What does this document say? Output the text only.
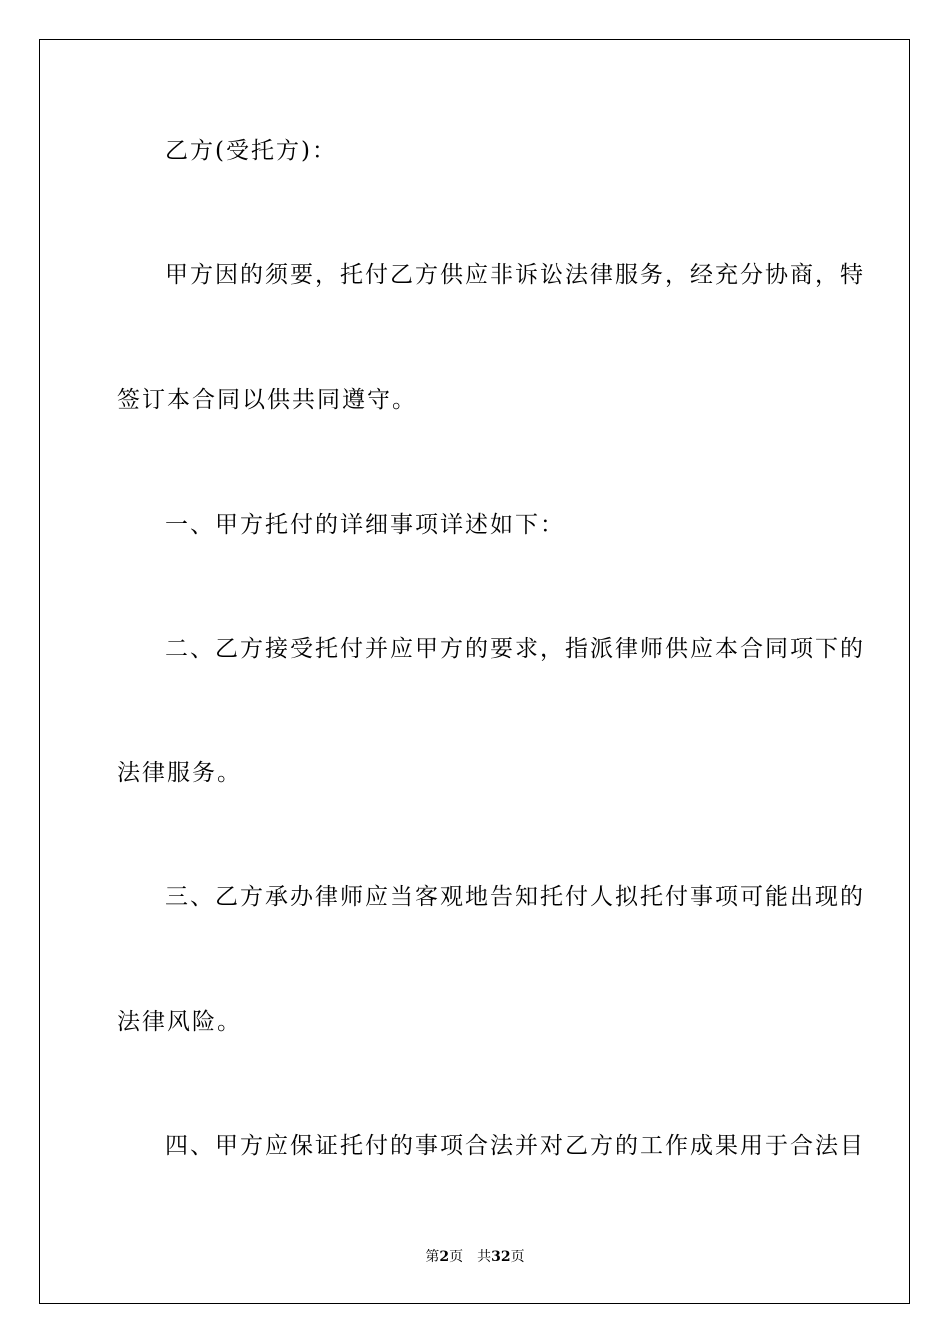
乙方(受托方)：
甲方因的须要，托付乙方供应非诉讼法律服务，经充分协商，特
签订本合同以供共同遵守。
一、甲方托付的详细事项详述如下：
二、乙方接受托付并应甲方的要求，指派律师供应本合同项下的
法律服务。
三、乙方承办律师应当客观地告知托付人拟托付事项可能出现的
法律风险。
四、甲方应保证托付的事项合法并对乙方的工作成果用于合法目
第2页 共32页
